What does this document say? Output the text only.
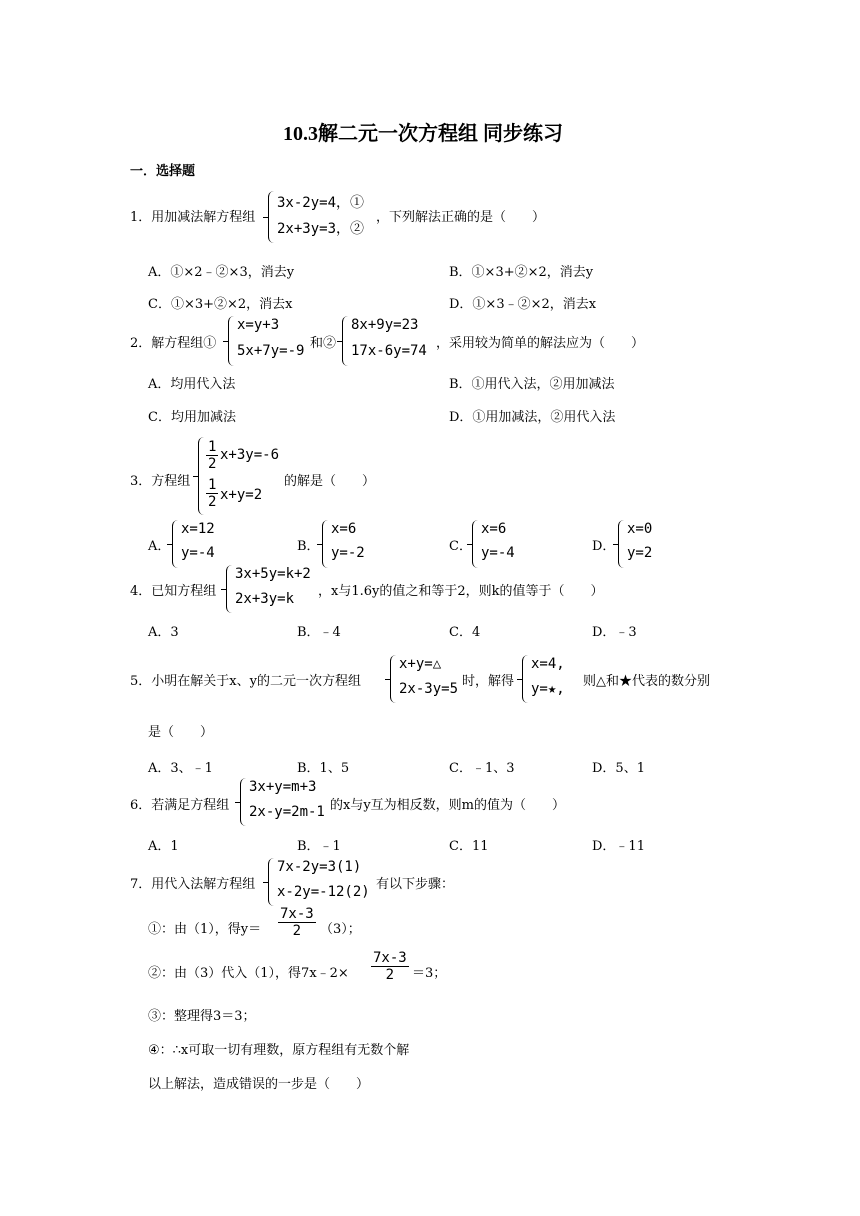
10.3解二元一次方程组 同步练习
一．选择题
1．用加减法解方程组
3x-2y=4，①
2x+3y=3，②
，下列解法正确的是（　　）
A．①×2﹣②×3，消去y	B．①×3+②×2，消去y
C．①×3+②×2，消去x	D．①×3﹣②×2，消去x
2．解方程组①
x=y+3
5x+7y=-9 和②
8x+9y=23
17x-6y=74 ，采用较为简单的解法应为（　　）
A．均用代入法	B．①用代入法，②用加减法
C．均用加减法	D．①用加减法，②用代入法
3．方程组
$\frac{1}{2} x+3y=-6$
$\frac{1}{2} x+y=2$
的解是（　　）
A．
x=12
y=-4	B．
x=6
y=-2	C．
x=6
y=-4	D．
x=0
y=2
4．已知方程组
3x+5y=k+2
2x+3y=k ，x与1.6y的值之和等于2，则k的值等于（　　）
A．3	B．﹣4	C．4	D．﹣3
5．小明在解关于x、y的二元一次方程组
x+y=△
2x-3y=5 时，解得
x=4,
y=★, 则△和★代表的数分别
是（　　）
A．3、﹣1	B．1、5	C．﹣1、3	D．5、1
6．若满足方程组
3x+y=m+3
2x-y=2m-1 的x与y互为相反数，则m的值为（　　）
A．1	B．﹣1	C．11	D．﹣11
7．用代入法解方程组
7x-2y=3(1)
x-2y=-12(2) 有以下步骤：
①：由（1），得$y= \frac{7x-3}{2} (3)$；
②：由（3）代入（1），得7x﹣2× $\frac{7x-3}{2} =3$；
③：整理得3＝3；
④：∴x可取一切有理数，原方程组有无数个解
以上解法，造成错误的一步是（　　）
